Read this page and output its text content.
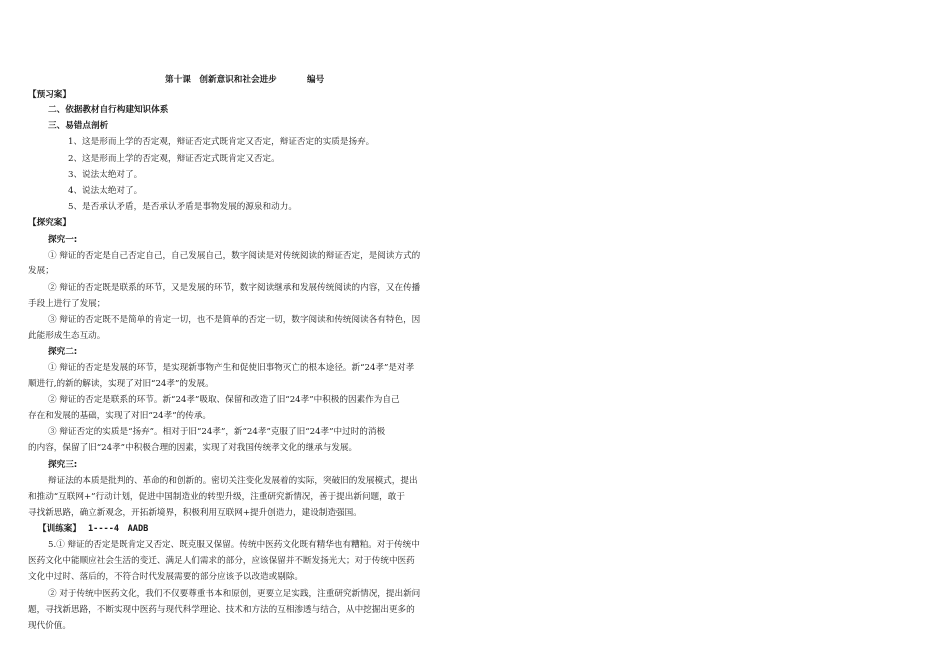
第十课　创新意识和社会进步	编号
【预习案】
二、依据教材自行构建知识体系
三、易错点剖析
1、这是形而上学的否定观，辩证否定式既肯定又否定，辩证否定的实质是扬弃。
2、这是形而上学的否定观，辩证否定式既肯定又否定。
3、说法太绝对了。
4、说法太绝对了。
5、是否承认矛盾，是否承认矛盾是事物发展的源泉和动力。
【探究案】
探究一:
① 辩证的否定是自己否定自己，自己发展自己，数字阅读是对传统阅读的辩证否定，是阅读方式的
发展；
② 辩证的否定既是联系的环节，又是发展的环节，数字阅读继承和发展传统阅读的内容，又在传播
手段上进行了发展；
③ 辩证的否定既不是简单的肯定一切，也不是简单的否定一切，数字阅读和传统阅读各有特色，因
此能形成生态互动。
探究二:
① 辩证的否定是发展的环节，是实现新事物产生和促使旧事物灭亡的根本途径。新“24孝”是对孝
顺进行,的新的解读，实现了对旧“24孝”的发展。
② 辩证的否定是联系的环节。新“24孝”吸取、保留和改造了旧“24孝”中积极的因素作为自己
存在和发展的基础，实现了对旧“24孝”的传承。
③ 辩证否定的实质是“扬弃”。相对于旧“24孝”，新“24孝”克服了旧“24孝”中过时的消极
的内容，保留了旧“24孝”中积极合理的因素，实现了对我国传统孝文化的继承与发展。
探究三:
辩证法的本质是批判的、革命的和创新的。密切关注变化发展着的实际，突破旧的发展模式，提出
和推动“互联网+”行动计划，促进中国制造业的转型升级，注重研究新情况，善于提出新问题，敢于
寻找新思路，确立新观念，开拓新境界，积极利用互联网+提升创造力，建设制造强国。
【训练案】 1----4　AADB
5.① 辩证的否定是既肯定又否定、既克服又保留。传统中医药文化既有精华也有糟粕。对于传统中
医药文化中能顺应社会生活的变迁、满足人们需求的部分，应该保留并不断发扬光大；对于传统中医药
文化中过时、落后的，不符合时代发展需要的部分应该予以改造或剔除。
② 对于传统中医药文化，我们不仅要尊重书本和原创，更要立足实践，注重研究新情况，提出新问
题，寻找新思路，不断实现中医药与现代科学理论、技术和方法的互相渗透与结合，从中挖掘出更多的
现代价值。
